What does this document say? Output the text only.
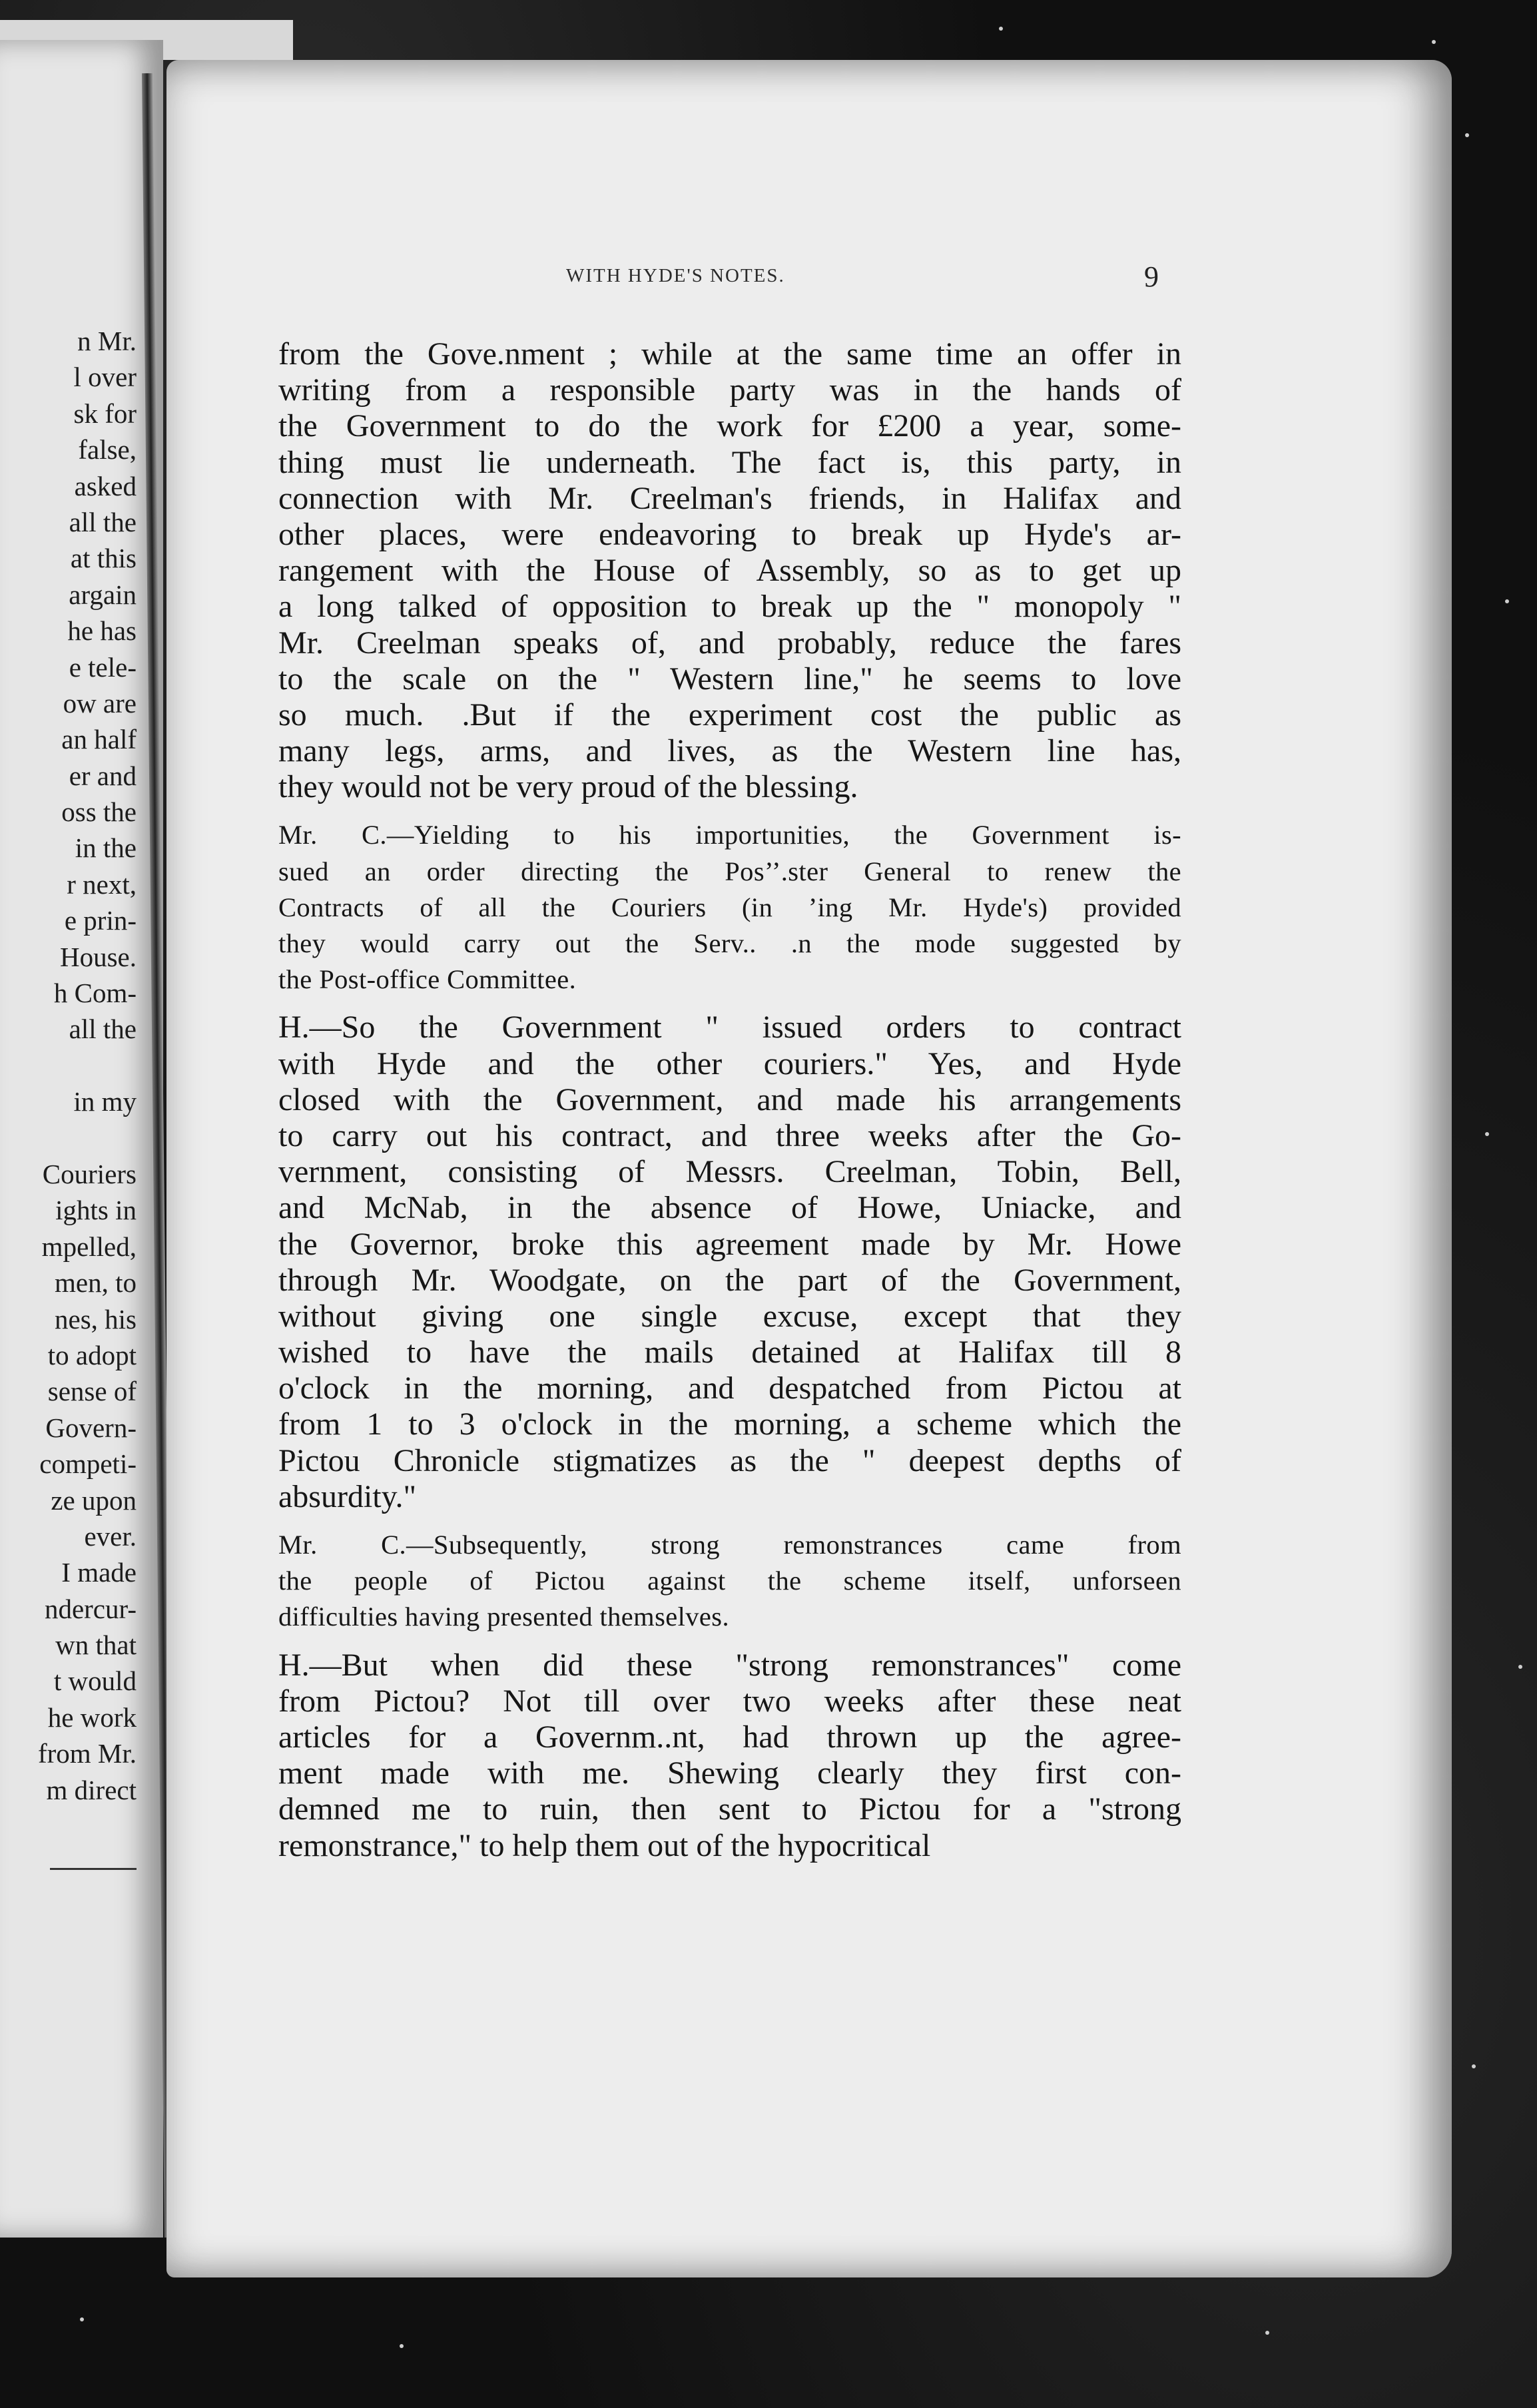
n Mr.
l over
sk for
false,
asked
all the
at this
argain
he has
e tele-
ow are
an half
er and
oss the
in the
r next,
e prin-
House.
h Com-
all the
in my
Couriers
ights in
mpelled,
men, to
nes, his
to adopt
sense of
Govern-
competi-
ze upon
ever.
I made
ndercur-
wn that
t would
he work
from Mr.
m direct
WITH HYDE'S NOTES.	9
from the Gove.nment ; while at the same time an offer in
writing from a responsible party was in the hands of
the Government to do the work for £200 a year, some-
thing must lie underneath. The fact is, this party, in
connection with Mr. Creelman's friends, in Halifax and
other places, were endeavoring to break up Hyde's ar-
rangement with the House of Assembly, so as to get up
a long talked of opposition to break up the " monopoly "
Mr. Creelman speaks of, and probably, reduce the fares
to the scale on the " Western line," he seems to love
so much. .But if the experiment cost the public as
many legs, arms, and lives, as the Western line has,
they would not be very proud of the blessing.
Mr. C.—Yielding to his importunities, the Government is-
sued an order directing the Pos’’.ster General to renew the
Contracts of all the Couriers (in ’ing Mr. Hyde's) provided
they would carry out the Serv.. .n the mode suggested by
the Post-office Committee.
H.—So the Government " issued orders to contract
with Hyde and the other couriers." Yes, and Hyde
closed with the Government, and made his arrangements
to carry out his contract, and three weeks after the Go-
vernment, consisting of Messrs. Creelman, Tobin, Bell,
and McNab, in the absence of Howe, Uniacke, and
the Governor, broke this agreement made by Mr. Howe
through Mr. Woodgate, on the part of the Government,
without giving one single excuse, except that they
wished to have the mails detained at Halifax till 8
o'clock in the morning, and despatched from Pictou at
from 1 to 3 o'clock in the morning, a scheme which the
Pictou Chronicle stigmatizes as the " deepest depths of
absurdity."
Mr. C.—Subsequently, strong remonstrances came from
the people of Pictou against the scheme itself, unforseen
difficulties having presented themselves.
H.—But when did these "strong remonstrances" come
from Pictou? Not till over two weeks after these neat
articles for a Governm..nt, had thrown up the agree-
ment made with me. Shewing clearly they first con-
demned me to ruin, then sent to Pictou for a "strong
remonstrance," to help them out of the hypocritical
